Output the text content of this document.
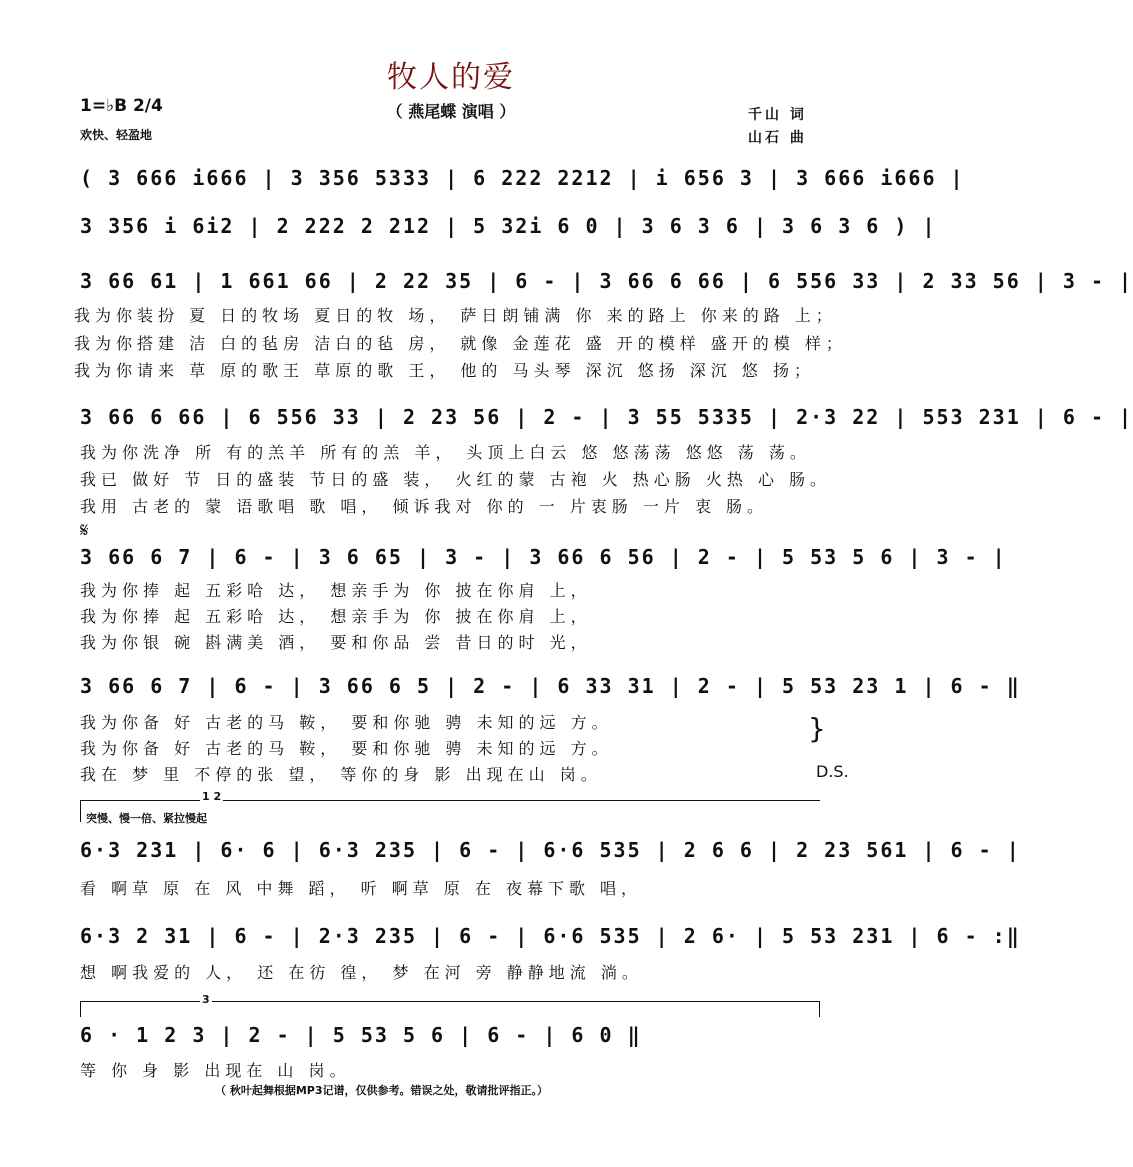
牧人的爱
（ 燕尾蝶 演唱 ）
1=♭B 2/4
欢快、轻盈地
千山 词
山石 曲
( 3 666 i666 | 3 356 5333 | 6 222 2212 | i 656 3 | 3 666 i666 |
3 356 i 6i2 | 2 222 2 212 | 5 32i 6 0 | 3 6 3 6 | 3 6 3 6 ) |
3 66 61 | 1 661 66 | 2 22 35 | 6 - | 3 66 6 66 | 6 556 33 | 2 33 56 | 3 - |
我为你装扮 夏 日的牧场 夏日的牧 场， 萨日朗铺满 你 来的路上 你来的路 上；
我为你搭建 洁 白的毡房 洁白的毡 房， 就像 金莲花 盛 开的模样 盛开的模 样；
我为你请来 草 原的歌王 草原的歌 王， 他的 马头琴 深沉 悠扬 深沉 悠 扬；
3 66 6 66 | 6 556 33 | 2 23 56 | 2 - | 3 55 5335 | 2·3 22 | 553 231 | 6 - |
我为你洗净 所 有的羔羊 所有的羔 羊， 头顶上白云 悠 悠荡荡 悠悠 荡 荡。
我已 做好 节 日的盛装 节日的盛 装， 火红的蒙 古袍 火 热心肠 火热 心 肠。
我用 古老的 蒙 语歌唱 歌 唱， 倾诉我对 你的 一 片衷肠 一片 衷 肠。
𝄋
3 66 6 7 | 6 - | 3 6 65 | 3 - | 3 66 6 56 | 2 - | 5 53 5 6 | 3 - |
我为你捧 起 五彩哈 达， 想亲手为 你 披在你肩 上，
我为你捧 起 五彩哈 达， 想亲手为 你 披在你肩 上，
我为你银 碗 斟满美 酒， 要和你品 尝 昔日的时 光，
3 66 6 7 | 6 - | 3 66 6 5 | 2 - | 6 33 31 | 2 - | 5 53 23 1 | 6 - ‖
我为你备 好 古老的马 鞍， 要和你驰 骋 未知的远 方。
我为你备 好 古老的马 鞍， 要和你驰 骋 未知的远 方。
我在 梦 里 不停的张 望， 等你的身 影 出现在山 岗。
}
D.S.
1 2
突慢、慢一倍、紧拉慢起
6·3 231 | 6· 6 | 6·3 235 | 6 - | 6·6 535 | 2 6 6 | 2 23 561 | 6 - |
看 啊草 原 在 风 中舞 蹈， 听 啊草 原 在 夜幕下歌 唱，
6·3 2 31 | 6 - | 2·3 235 | 6 - | 6·6 535 | 2 6· | 5 53 231 | 6 - :‖
想 啊我爱的 人， 还 在彷 徨， 梦 在河 旁 静静地流 淌。
3
6 · 1 2 3 | 2 - | 5 53 5 6 | 6 - | 6 0 ‖
等 你 身 影 出现在 山 岗。
（ 秋叶起舞根据MP3记谱，仅供参考。错误之处，敬请批评指正。）
